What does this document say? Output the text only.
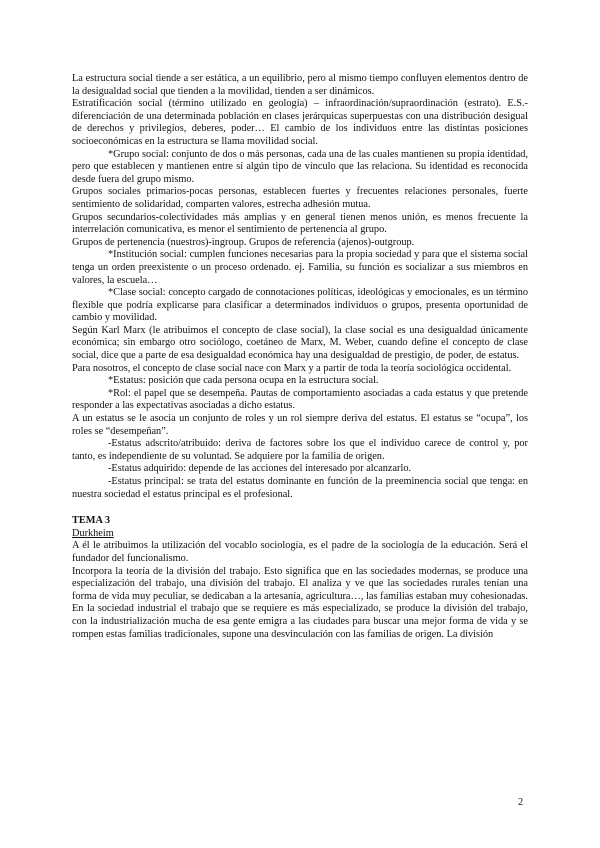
La estructura social tiende a ser estática, a un equilibrio, pero al mismo tiempo confluyen elementos dentro de la desigualdad social que tienden a la movilidad, tienden a ser dinámicos.

Estratificación social (término utilizado en geología) – infraordinación/supraordinación (estrato). E.S.-diferenciación de una determinada población en clases jerárquicas superpuestas con una distribución desigual de derechos y privilegios, deberes, poder… El cambio de los individuos entre las distintas posiciones socioeconómicas en la estructura se llama movilidad social.

*Grupo social: conjunto de dos o más personas, cada una de las cuales mantienen su propia identidad, pero que establecen y mantienen entre sí algún tipo de vínculo que las relaciona. Su identidad es reconocida desde fuera del grupo mismo.

Grupos sociales primarios-pocas personas, establecen fuertes y frecuentes relaciones personales, fuerte sentimiento de solidaridad, comparten valores, estrecha adhesión mutua.

Grupos secundarios-colectividades más amplias y en general tienen menos unión, es menos frecuente la interrelación comunicativa, es menor el sentimiento de pertenencia al grupo.

Grupos de pertenencia (nuestros)-ingroup. Grupos de referencia (ajenos)-outgroup.

*Institución social: cumplen funciones necesarias para la propia sociedad y para que el sistema social tenga un orden preexistente o un proceso ordenado. ej. Familia, su función es socializar a sus miembros en valores, la escuela…

*Clase social: concepto cargado de connotaciones políticas, ideológicas y emocionales, es un término flexible que podría explicarse para clasificar a determinados individuos o grupos, presenta oportunidad de cambio y movilidad.

Según Karl Marx (le atribuimos el concepto de clase social), la clase social es una desigualdad únicamente económica; sin embargo otro sociólogo, coetáneo de Marx, M. Weber, cuando define el concepto de clase social, dice que a parte de esa desigualdad económica hay una desigualdad de prestigio, de poder, de estatus.

Para nosotros, el concepto de clase social nace con Marx y a partir de toda la teoría sociológica occidental.

*Estatus: posición que cada persona ocupa en la estructura social.

*Rol: el papel que se desempeña. Pautas de comportamiento asociadas a cada estatus y que pretende responder a las expectativas asociadas a dicho estatus.

A un estatus se le asocia un conjunto de roles y un rol siempre deriva del estatus. El estatus se “ocupa”, los roles se “desempeñan”.

-Estatus adscrito/atribuido: deriva de factores sobre los que el individuo carece de control y, por tanto, es independiente de su voluntad. Se adquiere por la familia de origen.

-Estatus adquirido: depende de las acciones del interesado por alcanzarlo.

-Estatus principal: se trata del estatus dominante en función de la preeminencia social que tenga: en nuestra sociedad el estatus principal es el profesional.

TEMA 3

Durkheim

A él le atribuimos la utilización del vocablo sociología, es el padre de la sociología de la educación. Será el fundador del funcionalismo.

Incorpora la teoría de la división del trabajo. Esto significa que en las sociedades modernas, se produce una especialización del trabajo, una división del trabajo. El analiza y ve que las sociedades rurales tenían una forma de vida muy peculiar, se dedicaban a la artesanía, agricultura…, las familias estaban muy cohesionadas. En la sociedad industrial el trabajo que se requiere es más especializado, se produce la división del trabajo, con la industrialización mucha de esa gente emigra a las ciudades para buscar una mejor forma de vida y se rompen estas familias tradicionales, supone una desvinculación con las familias de origen. La división

2
